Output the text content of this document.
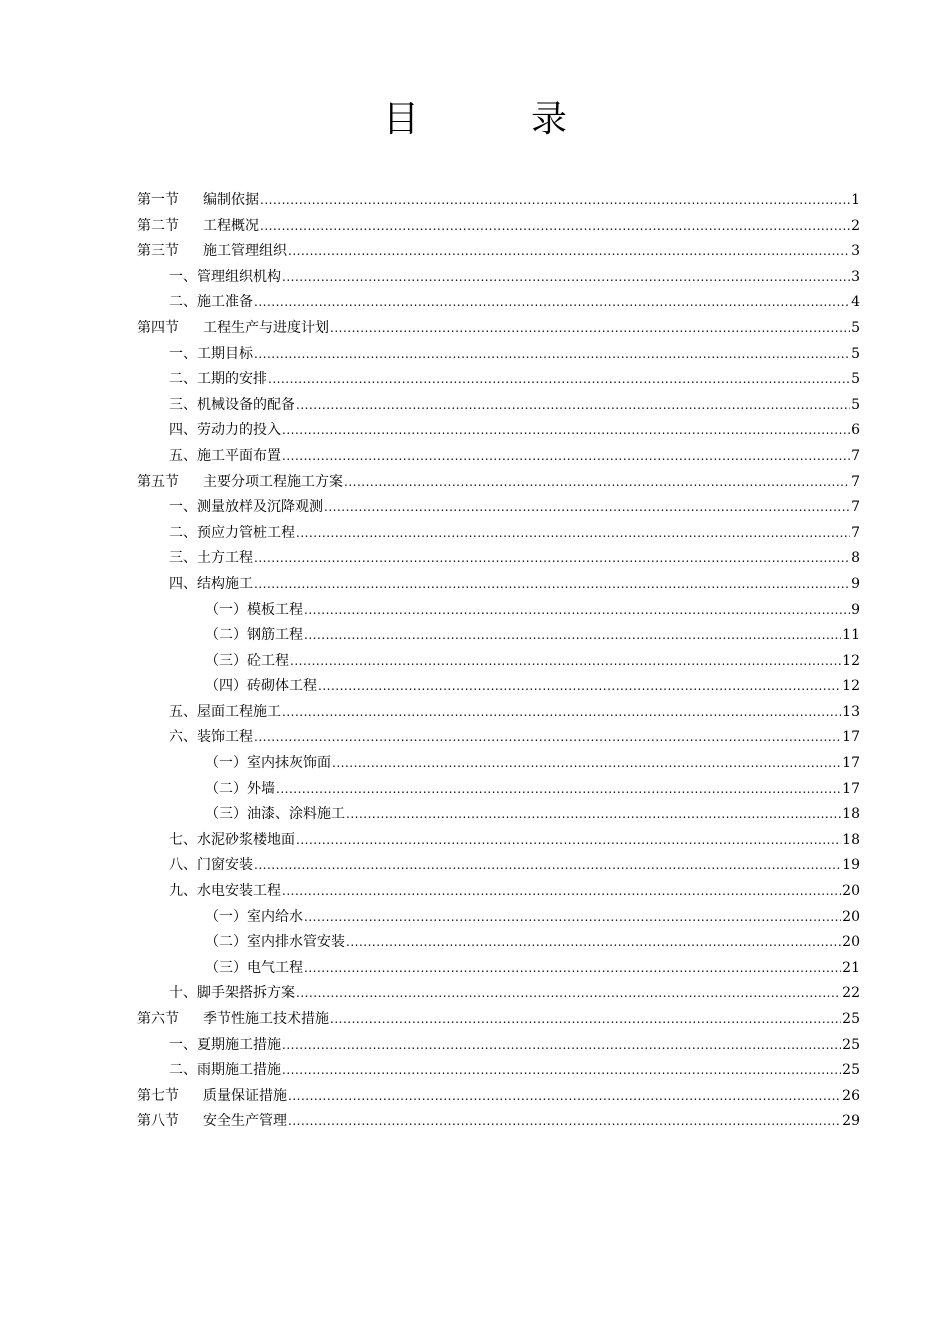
目　录
第一节	编制依据 .....	1
第二节	工程概况 .....	2
第三节	施工管理组织 .....	3
一、 管理组织机构 .....	3
二、 施工准备 .....	4
第四节	工程生产与进度计划 .....	5
一、 工期目标 .....	5
二、 工期的安排 .....	5
三、 机械设备的配备 .....	5
四、 劳动力的投入 .....	6
五、 施工平面布置 .....	7
第五节	主要分项工程施工方案 .....	7
一、 测量放样及沉降观测 .....	7
二、 预应力管桩工程 .....	7
三、 土方工程 .....	8
四、 结构施工 .....	9
（一） 模板工程 .....	9
（二） 钢筋工程 .....	11
（三） 砼工程 .....	12
（四） 砖砌体工程 .....	12
五、 屋面工程施工 .....	13
六、 装饰工程 .....	17
（一） 室内抹灰饰面 .....	17
（二） 外墙 .....	17
（三） 油漆、涂料施工 .....	18
七、 水泥砂浆楼地面 .....	18
八、 门窗安装 .....	19
九、 水电安装工程 .....	20
（一） 室内给水 .....	20
（二） 室内排水管安装 .....	20
（三） 电气工程 .....	21
十、 脚手架搭拆方案 .....	22
第六节	季节性施工技术措施 .....	25
一、 夏期施工措施 .....	25
二、 雨期施工措施 .....	25
第七节	质量保证措施 .....	26
第八节	安全生产管理 .....	29
